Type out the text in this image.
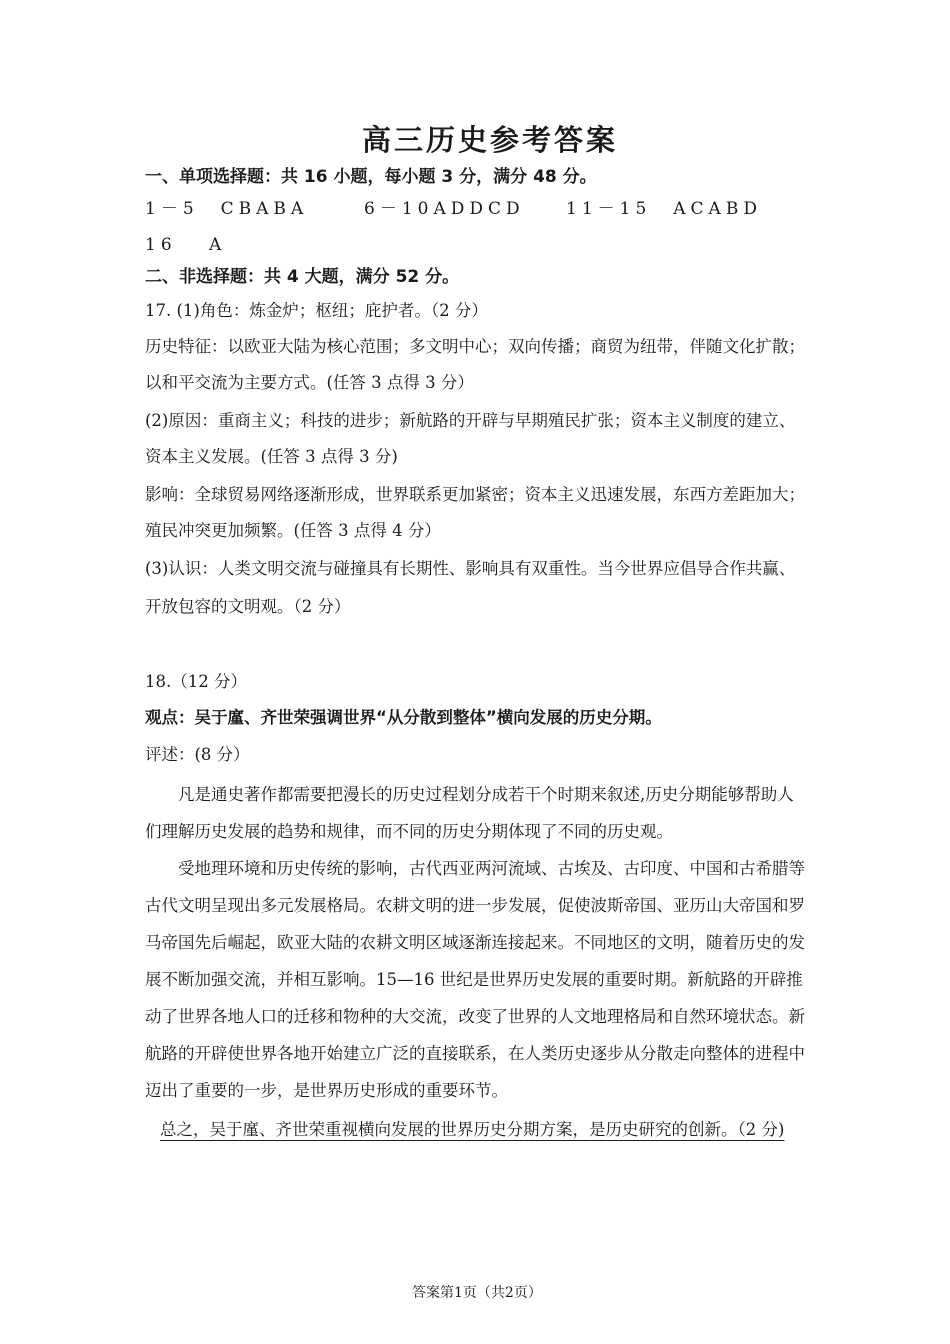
高三历史参考答案
一、单项选择题：共 16 小题，每小题 3 分，满分 48 分。
1－5　CBABA	6－10ADDCD 11－15　ACABD
16　 A
二、非选择题：共 4 大题，满分 52 分。
17. (1)角色：炼金炉；枢纽；庇护者。（2 分）
历史特征：以欧亚大陆为核心范围；多文明中心；双向传播；商贸为纽带，伴随文化扩散；
以和平交流为主要方式。(任答 3 点得 3 分）
(2)原因：重商主义；科技的进步；新航路的开辟与早期殖民扩张；资本主义制度的建立、
资本主义发展。(任答 3 点得 3 分)
影响：全球贸易网络逐渐形成，世界联系更加紧密；资本主义迅速发展，东西方差距加大；
殖民冲突更加频繁。(任答 3 点得 4 分）
(3)认识：人类文明交流与碰撞具有长期性、影响具有双重性。当今世界应倡导合作共赢、
开放包容的文明观。（2 分）
18.（12 分）
观点：吴于廑、齐世荣强调世界“从分散到整体”横向发展的历史分期。
评述：(8 分）
凡是通史著作都需要把漫长的历史过程划分成若干个时期来叙述,历史分期能够帮助人
们理解历史发展的趋势和规律，而不同的历史分期体现了不同的历史观。
受地理环境和历史传统的影响，古代西亚两河流域、古埃及、古印度、中国和古希腊等
古代文明呈现出多元发展格局。农耕文明的进一步发展，促使波斯帝国、亚历山大帝国和罗
马帝国先后崛起，欧亚大陆的农耕文明区域逐渐连接起来。不同地区的文明，随着历史的发
展不断加强交流，并相互影响。15—16 世纪是世界历史发展的重要时期。新航路的开辟推
动了世界各地人口的迁移和物种的大交流，改变了世界的人文地理格局和自然环境状态。新
航路的开辟使世界各地开始建立广泛的直接联系，在人类历史逐步从分散走向整体的进程中
迈出了重要的一步，是世界历史形成的重要环节。
总之，吴于廑、齐世荣重视横向发展的世界历史分期方案，是历史研究的创新。（2 分)
答案第1页（共2页）
